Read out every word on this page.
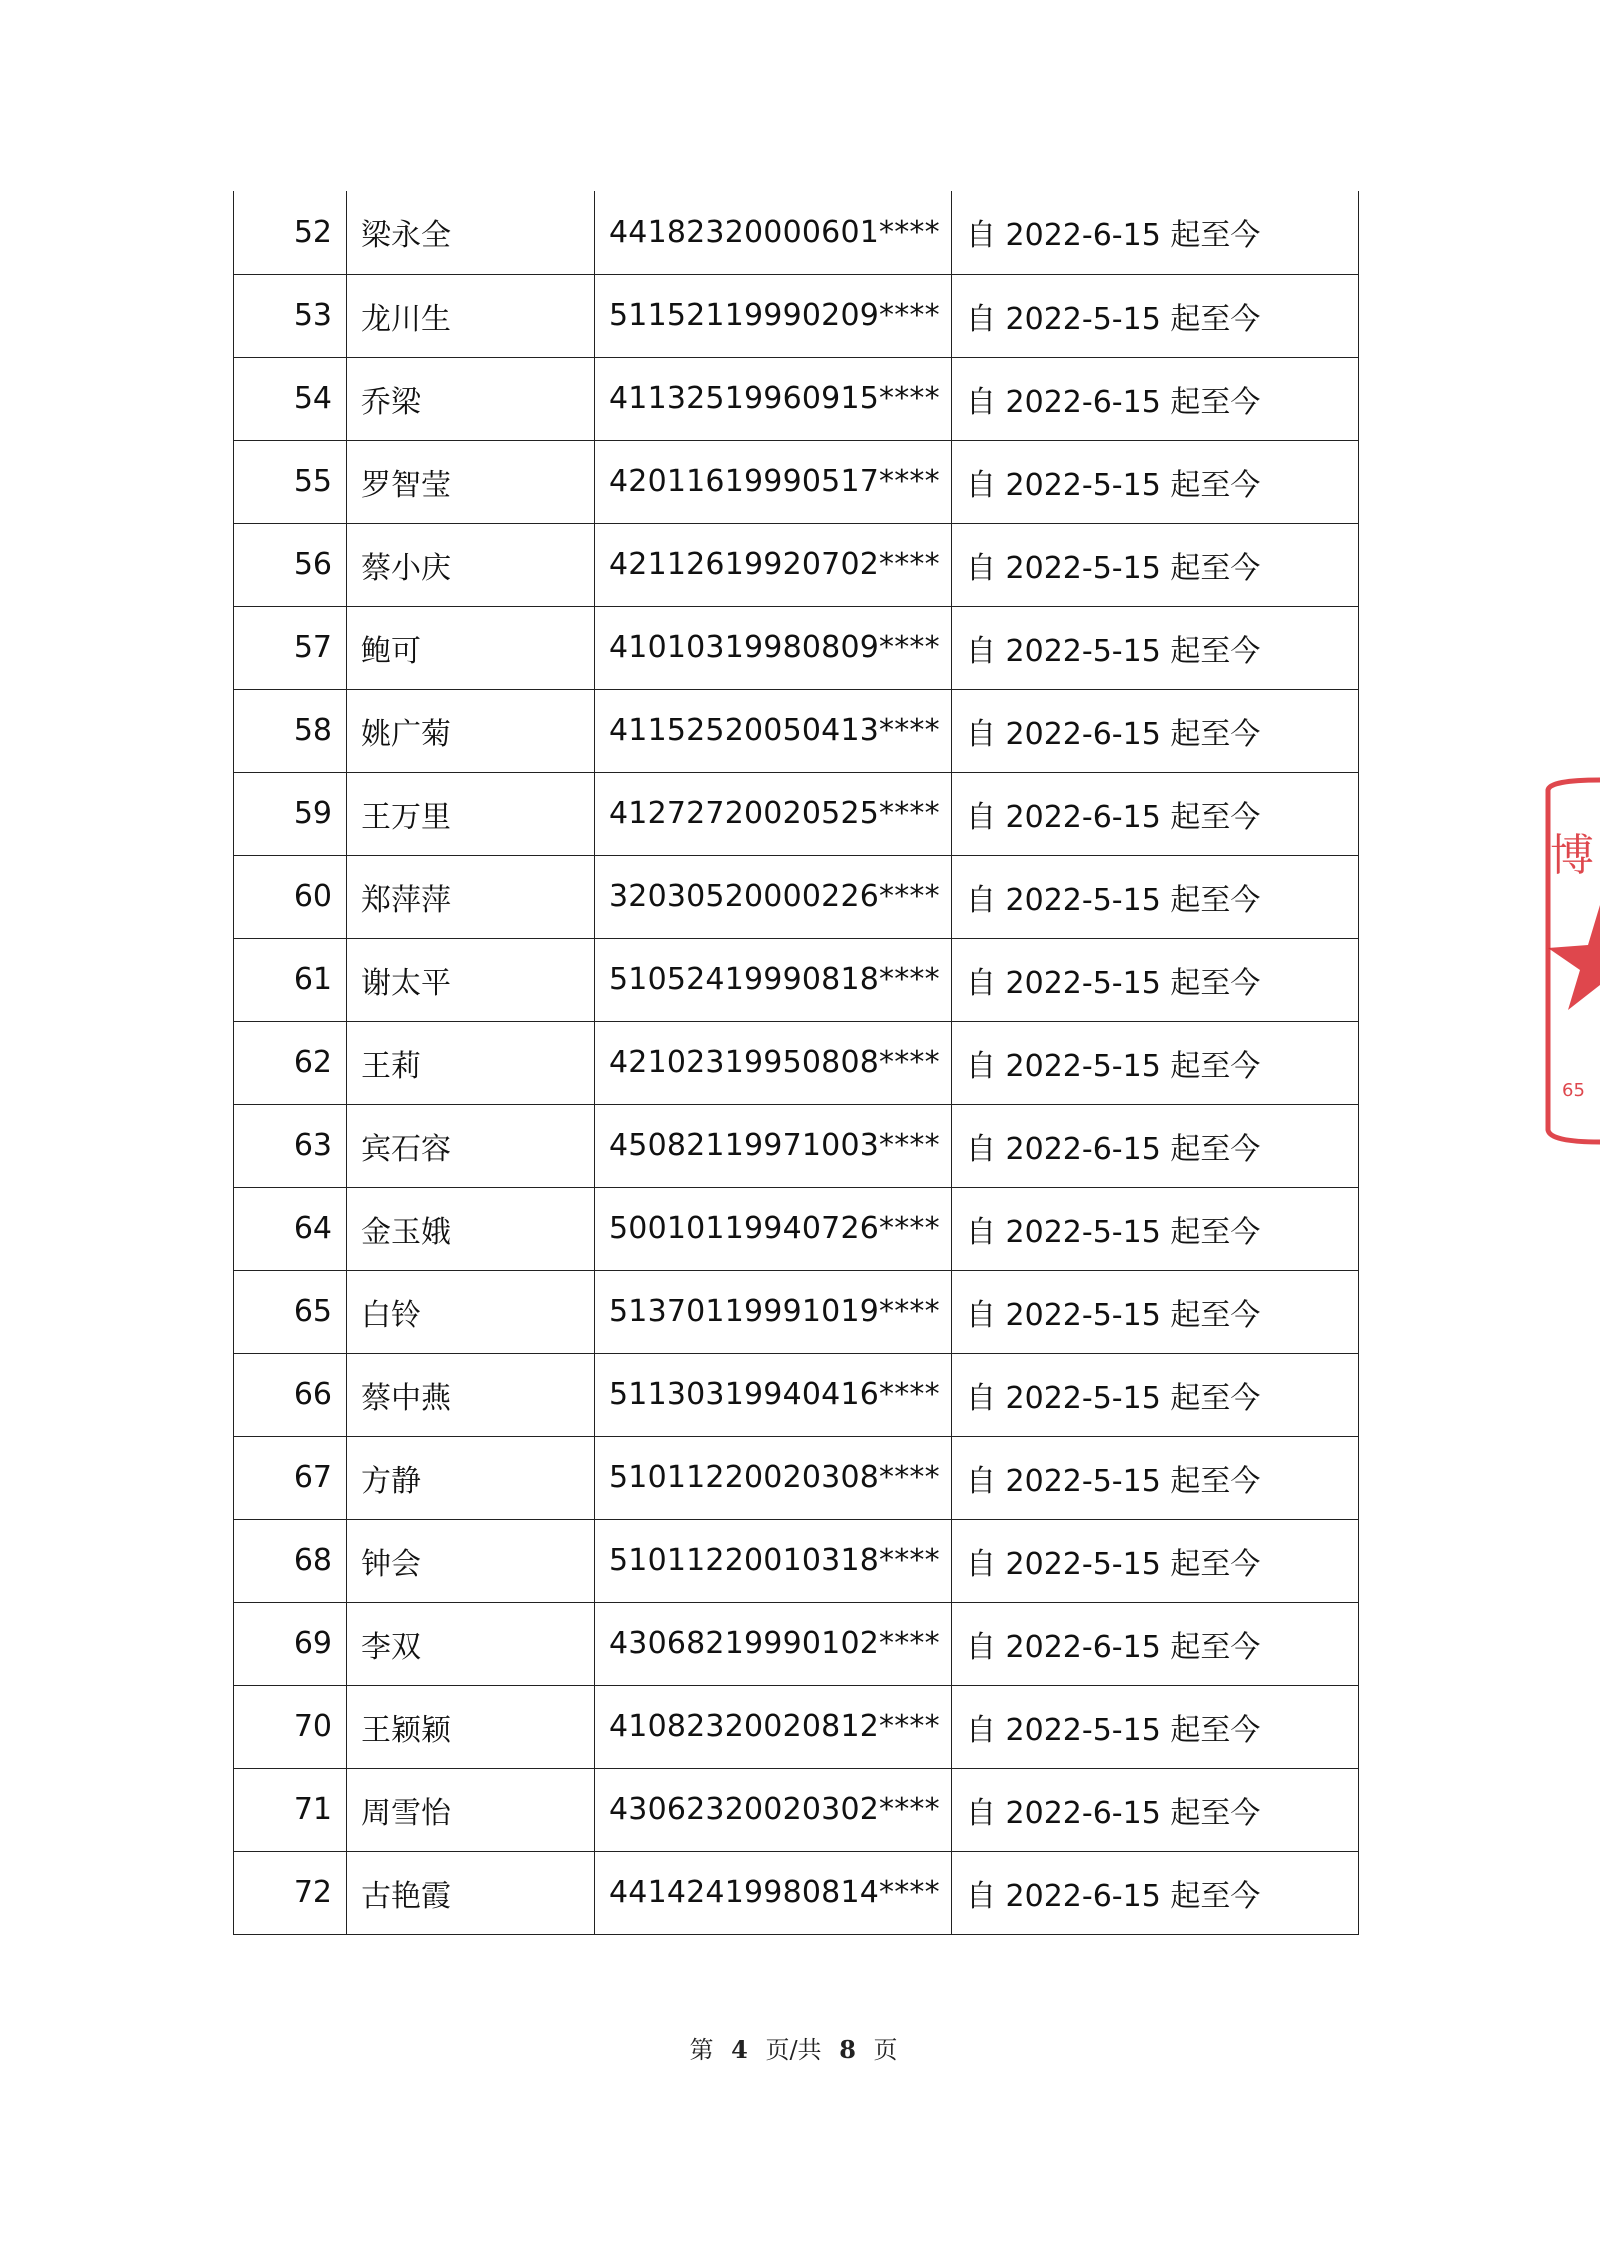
52	梁永全	44182320000601****	自 2022-6-15 起至今
53	龙川生	51152119990209****	自 2022-5-15 起至今
54	乔梁	41132519960915****	自 2022-6-15 起至今
55	罗智莹	42011619990517****	自 2022-5-15 起至今
56	蔡小庆	42112619920702****	自 2022-5-15 起至今
57	鲍可	41010319980809****	自 2022-5-15 起至今
58	姚广菊	41152520050413****	自 2022-6-15 起至今
59	王万里	41272720020525****	自 2022-6-15 起至今
60	郑萍萍	32030520000226****	自 2022-5-15 起至今
61	谢太平	51052419990818****	自 2022-5-15 起至今
62	王莉	42102319950808****	自 2022-5-15 起至今
63	宾石容	45082119971003****	自 2022-6-15 起至今
64	金玉娥	50010119940726****	自 2022-5-15 起至今
65	白铃	51370119991019****	自 2022-5-15 起至今
66	蔡中燕	51130319940416****	自 2022-5-15 起至今
67	方静	51011220020308****	自 2022-5-15 起至今
68	钟会	51011220010318****	自 2022-5-15 起至今
69	李双	43068219990102****	自 2022-6-15 起至今
70	王颖颖	41082320020812****	自 2022-5-15 起至今
71	周雪怡	43062320020302****	自 2022-6-15 起至今
72	古艳霞	44142419980814****	自 2022-6-15 起至今
第 4 页/共 8 页
博
65
